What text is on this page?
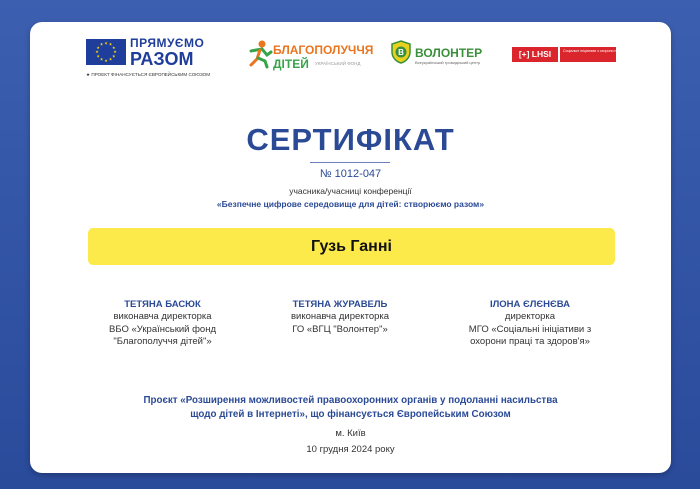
★ ★
★
★
★
★
★
★
★
★
★
★ ПРЯМУЄМО
РАЗОМ
★ ПРОЕКТ ФІНАНСУЄТЬСЯ ЄВРОПЕЙСЬКИМ СОЮЗОМ
БЛАГОПОЛУЧЧЯ
ДІТЕЙ УКРАЇНСЬКИЙ ФОНД
B ВОЛОНТЕР
Всеукраїнський громадський центр
[+] LHSI	Соціальні ініціативи з охорони праці та здоров'я
СЕРТИФІКАТ
№ 1012-047
учасника/учасниці конференції
«Безпечне цифрове середовище для дітей: створюємо разом»
Гузь Ганні
ТЕТЯНА БАСЮК
виконавча директорка
ВБО «Український фонд
"Благополуччя дітей"»
ТЕТЯНА ЖУРАВЕЛЬ
виконавча директорка
ГО «ВГЦ "Волонтер"»
ІЛОНА ЄЛЄНЄВА
директорка
МГО «Соціальні ініціативи з
охорони праці та здоров'я»
Проєкт «Розширення можливостей правоохоронних органів у подоланні насильства
щодо дітей в Інтернеті», що фінансується Європейським Союзом
м. Київ
10 грудня 2024 року
